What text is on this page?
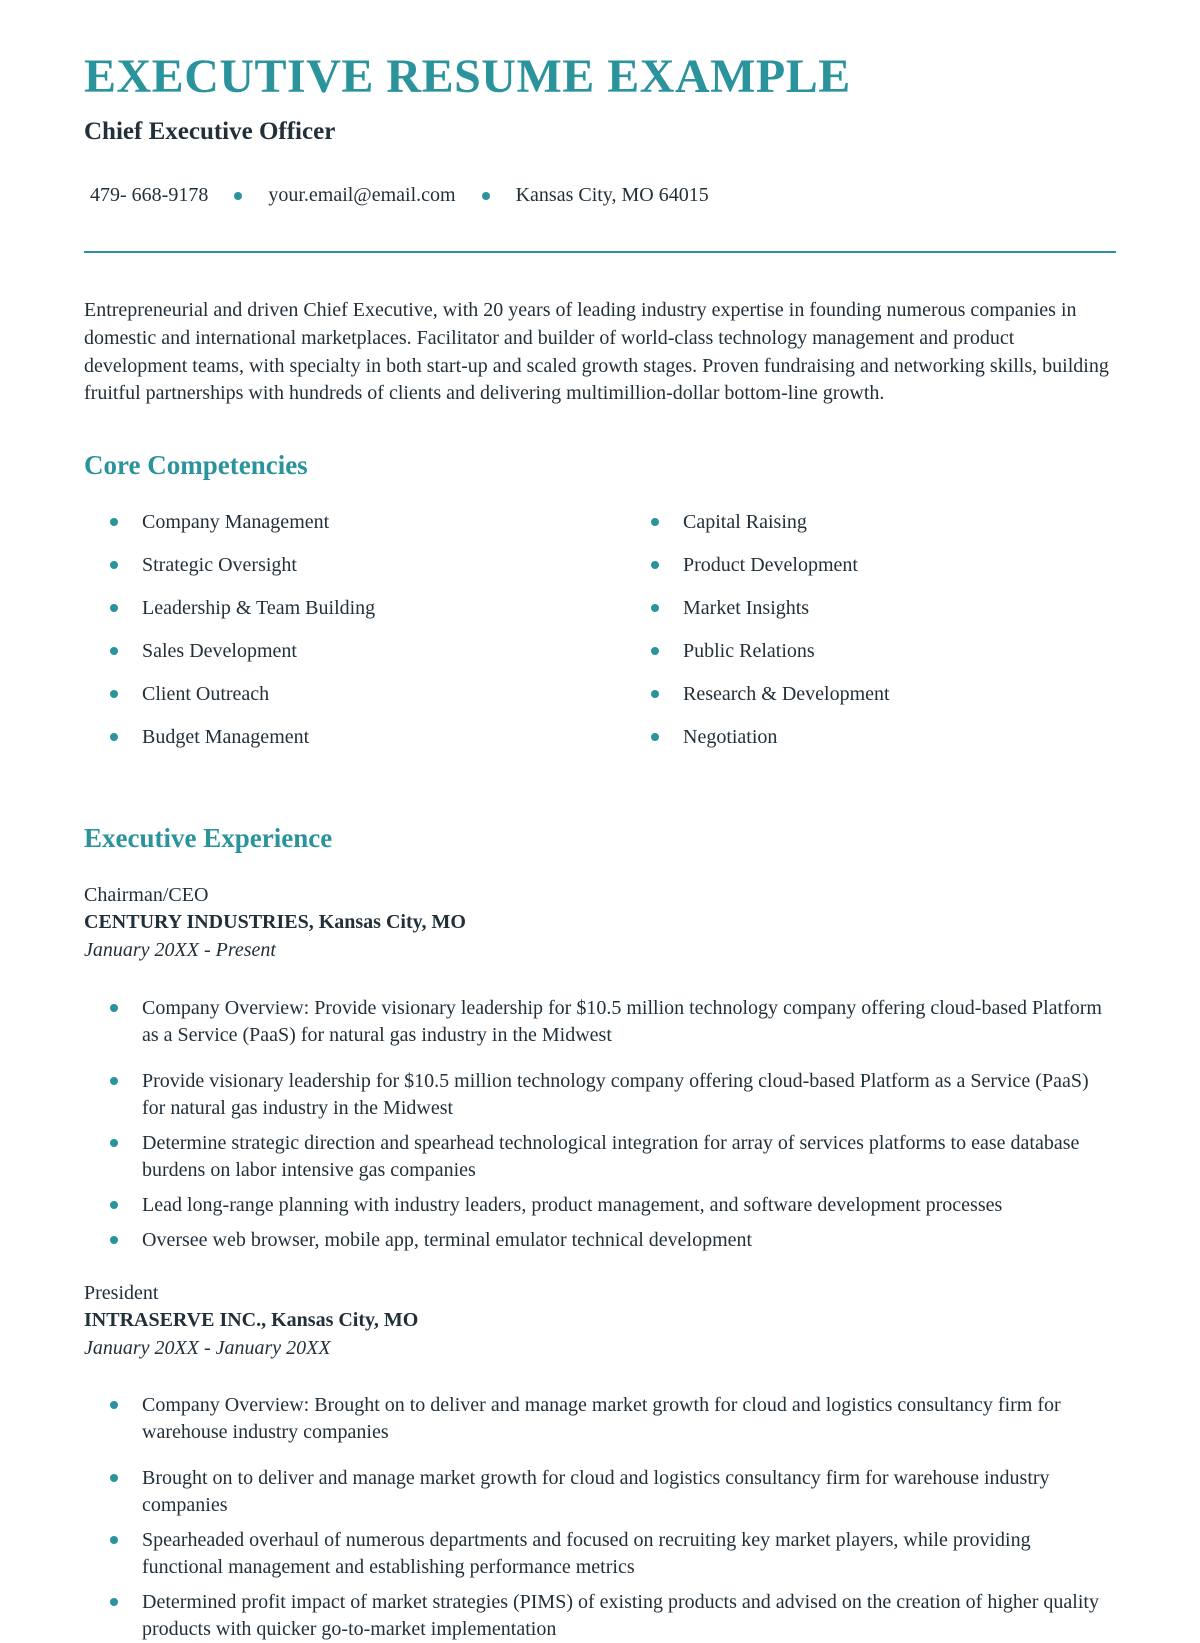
EXECUTIVE RESUME EXAMPLE
Chief Executive Officer
479- 668-9178	your.email@email.com	Kansas City, MO 64015

Entrepreneurial and driven Chief Executive, with 20 years of leading industry expertise in founding numerous companies in domestic and international marketplaces. Facilitator and builder of world-class technology management and product development teams, with specialty in both start-up and scaled growth stages. Proven fundraising and networking skills, building fruitful partnerships with hundreds of clients and delivering multimillion-dollar bottom-line growth.

Core Competencies
Company Management
Strategic Oversight
Leadership & Team Building
Sales Development
Client Outreach
Budget Management
Capital Raising
Product Development
Market Insights
Public Relations
Research & Development
Negotiation
Executive Experience
Chairman/CEO
CENTURY INDUSTRIES, Kansas City, MO
January 20XX - Present
Company Overview: Provide visionary leadership for $10.5 million technology company offering cloud-based Platform as a Service (PaaS) for natural gas industry in the Midwest
Provide visionary leadership for $10.5 million technology company offering cloud-based Platform as a Service (PaaS) for natural gas industry in the Midwest
Determine strategic direction and spearhead technological integration for array of services platforms to ease database burdens on labor intensive gas companies
Lead long-range planning with industry leaders, product management, and software development processes
Oversee web browser, mobile app, terminal emulator technical development
President
INTRASERVE INC., Kansas City, MO
January 20XX - January 20XX
Company Overview: Brought on to deliver and manage market growth for cloud and logistics consultancy firm for warehouse industry companies
Brought on to deliver and manage market growth for cloud and logistics consultancy firm for warehouse industry companies
Spearheaded overhaul of numerous departments and focused on recruiting key market players, while providing functional management and establishing performance metrics
Determined profit impact of market strategies (PIMS) of existing products and advised on the creation of higher quality products with quicker go-to-market implementation
